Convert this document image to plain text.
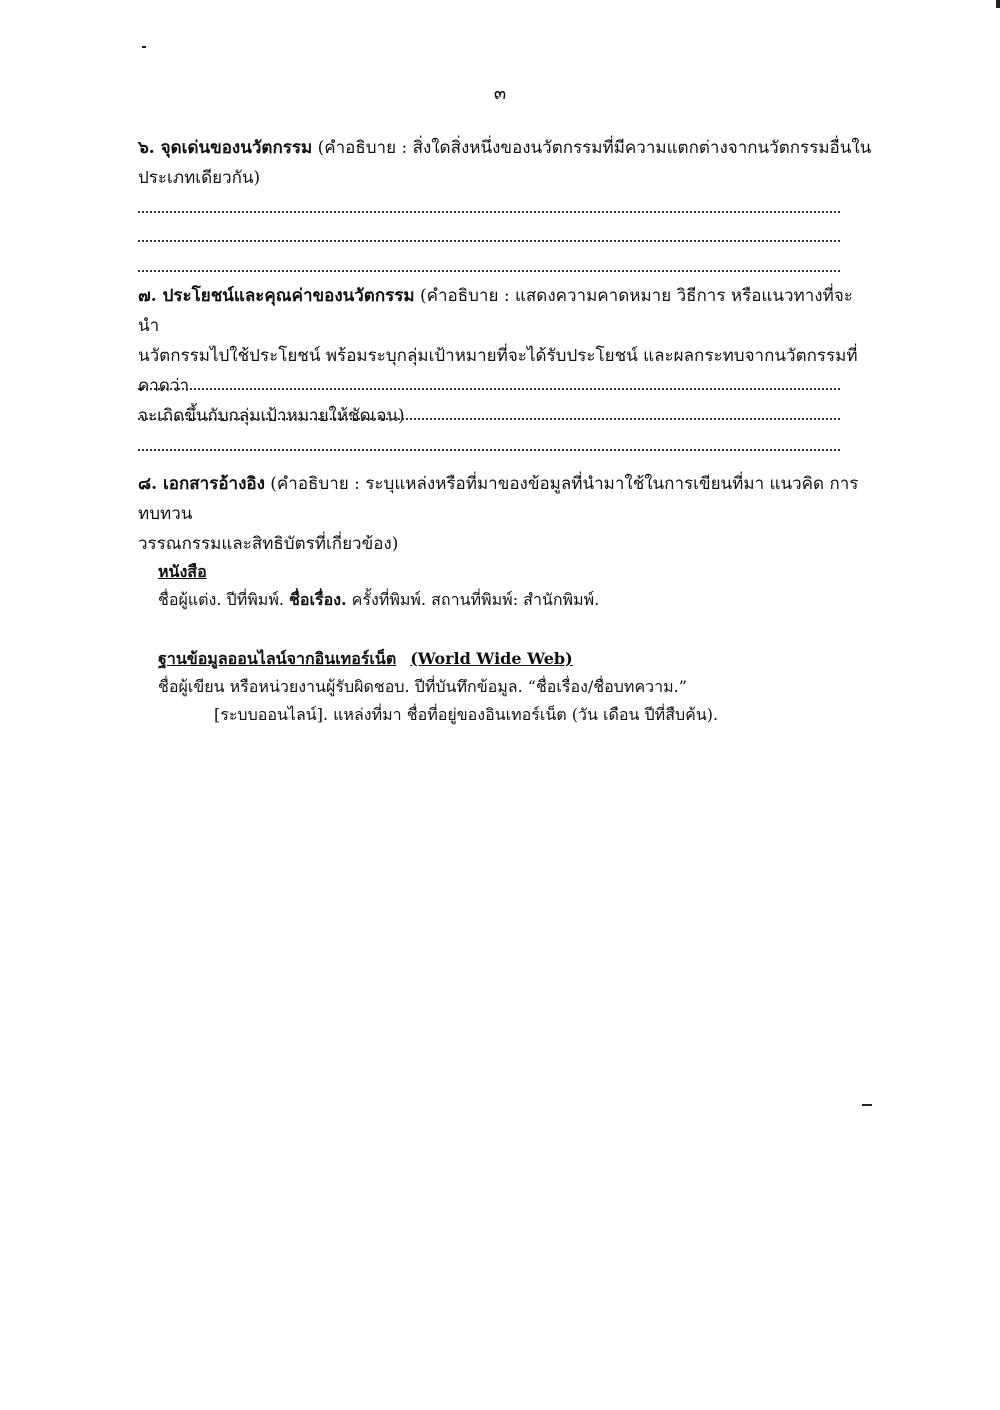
๓
๖. จุดเด่นของนวัตกรรม (คำอธิบาย : สิ่งใดสิ่งหนึ่งของนวัตกรรมที่มีความแตกต่างจากนวัตกรรมอื่นใน
ประเภทเดียวกัน)
๗. ประโยชน์และคุณค่าของนวัตกรรม (คำอธิบาย : แสดงความคาดหมาย วิธีการ หรือแนวทางที่จะนำ
นวัตกรรมไปใช้ประโยชน์ พร้อมระบุกลุ่มเป้าหมายที่จะได้รับประโยชน์ และผลกระทบจากนวัตกรรมที่คาดว่า
จะเกิดขึ้นกับกลุ่มเป้าหมายให้ชัดเจน)
๘. เอกสารอ้างอิง (คำอธิบาย : ระบุแหล่งหรือที่มาของข้อมูลที่นำมาใช้ในการเขียนที่มา แนวคิด การทบทวน
วรรณกรรมและสิทธิบัตรที่เกี่ยวข้อง)
หนังสือ
ชื่อผู้แต่ง. ปีที่พิมพ์. ชื่อเรื่อง. ครั้งที่พิมพ์. สถานที่พิมพ์: สำนักพิมพ์.
ฐานข้อมูลออนไลน์จากอินเทอร์เน็ต (World Wide Web)
ชื่อผู้เขียน หรือหน่วยงานผู้รับผิดชอบ. ปีที่บันทึกข้อมูล. “ชื่อเรื่อง/ชื่อบทความ.”
[ระบบออนไลน์]. แหล่งที่มา ชื่อที่อยู่ของอินเทอร์เน็ต (วัน เดือน ปีที่สืบค้น).
